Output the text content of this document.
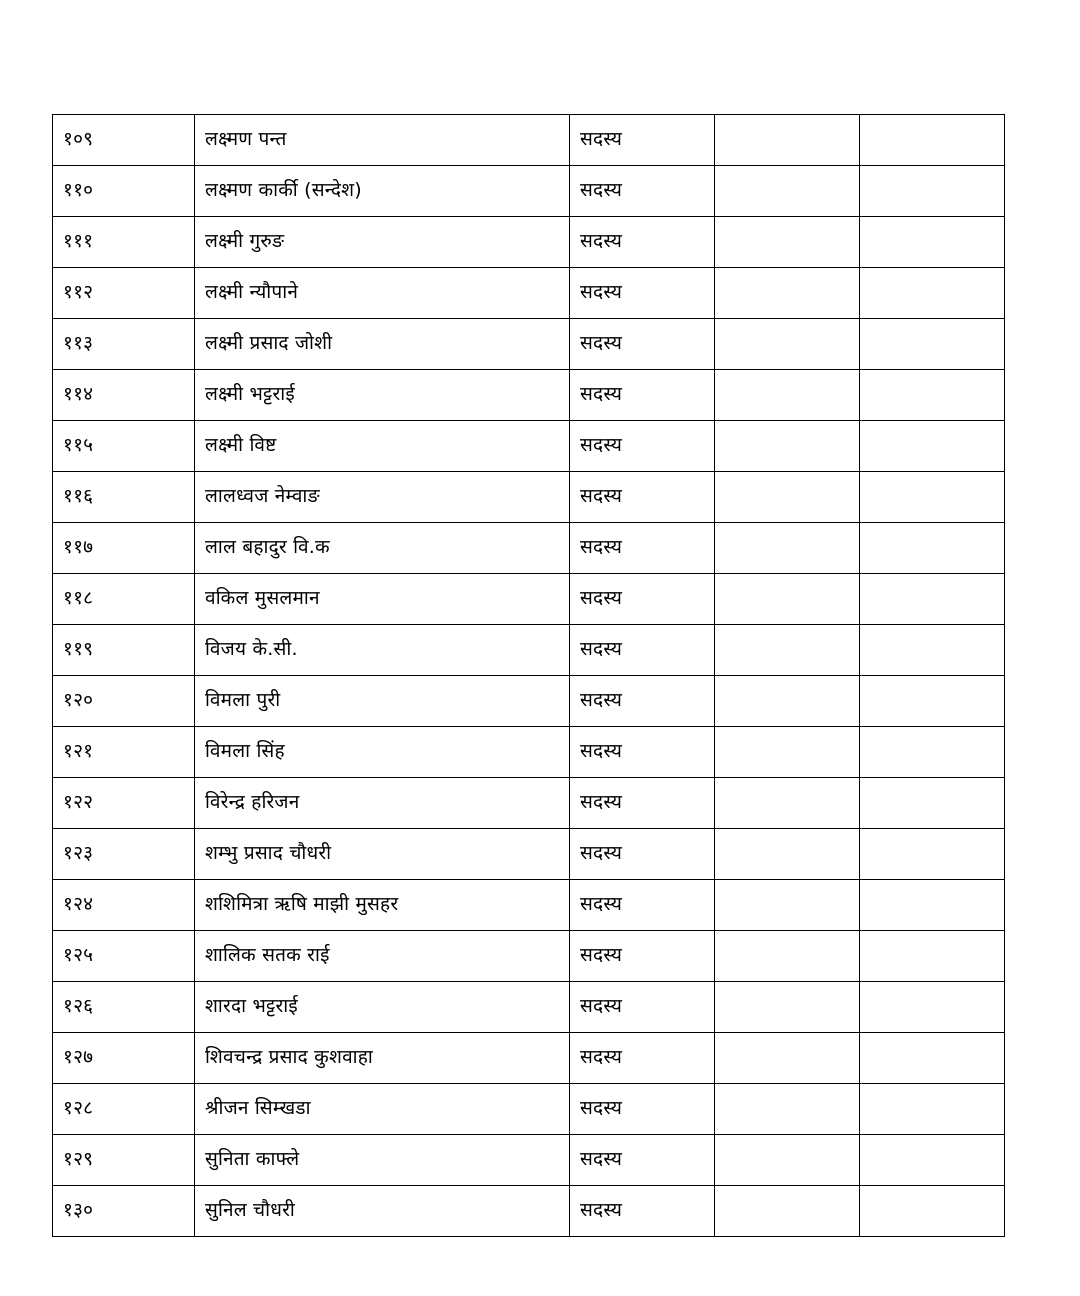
१०९	लक्ष्मण पन्त	सदस्य		
११०	लक्ष्मण कार्की (सन्देश)	सदस्य		
१११	लक्ष्मी गुरुङ	सदस्य		
११२	लक्ष्मी न्यौपाने	सदस्य		
११३	लक्ष्मी प्रसाद जोशी	सदस्य		
११४	लक्ष्मी भट्टराई	सदस्य		
११५	लक्ष्मी विष्ट	सदस्य		
११६	लालध्वज नेम्वाङ	सदस्य		
११७	लाल बहादुर वि.क	सदस्य		
११८	वकिल मुसलमान	सदस्य		
११९	विजय के.सी.	सदस्य		
१२०	विमला पुरी	सदस्य		
१२१	विमला सिंह	सदस्य		
१२२	विरेन्द्र हरिजन	सदस्य		
१२३	शम्भु प्रसाद चौधरी	सदस्य		
१२४	शशिमित्रा ऋषि माझी मुसहर	सदस्य		
१२५	शालिक सतक राई	सदस्य		
१२६	शारदा भट्टराई	सदस्य		
१२७	शिवचन्द्र प्रसाद कुशवाहा	सदस्य		
१२८	श्रीजन सिम्खडा	सदस्य		
१२९	सुनिता काफ्ले	सदस्य		
१३०	सुनिल चौधरी	सदस्य		
